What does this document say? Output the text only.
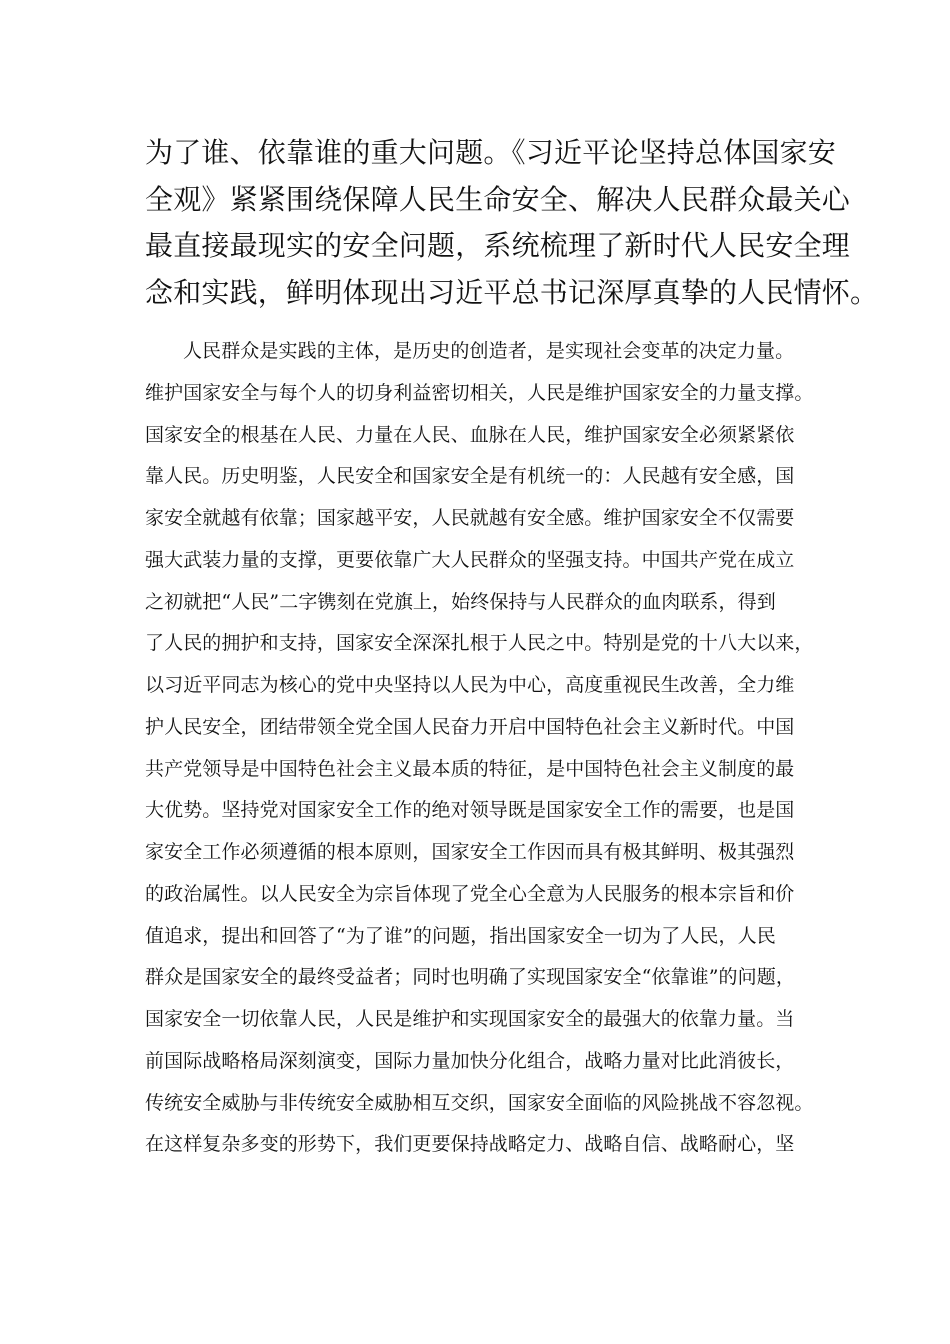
为了谁、依靠谁的重大问题。《习近平论坚持总体国家安
全观》紧紧围绕保障人民生命安全、解决人民群众最关心
最直接最现实的安全问题，系统梳理了新时代人民安全理
念和实践，鲜明体现出习近平总书记深厚真挚的人民情怀。
人民群众是实践的主体，是历史的创造者，是实现社会变革的决定力量。
维护国家安全与每个人的切身利益密切相关，人民是维护国家安全的力量支撑。
国家安全的根基在人民、力量在人民、血脉在人民，维护国家安全必须紧紧依
靠人民。历史明鉴，人民安全和国家安全是有机统一的：人民越有安全感，国
家安全就越有依靠；国家越平安，人民就越有安全感。维护国家安全不仅需要
强大武装力量的支撑，更要依靠广大人民群众的坚强支持。中国共产党在成立
之初就把“人民”二字镌刻在党旗上，始终保持与人民群众的血肉联系，得到
了人民的拥护和支持，国家安全深深扎根于人民之中。特别是党的十八大以来，
以习近平同志为核心的党中央坚持以人民为中心，高度重视民生改善，全力维
护人民安全，团结带领全党全国人民奋力开启中国特色社会主义新时代。中国
共产党领导是中国特色社会主义最本质的特征，是中国特色社会主义制度的最
大优势。坚持党对国家安全工作的绝对领导既是国家安全工作的需要，也是国
家安全工作必须遵循的根本原则，国家安全工作因而具有极其鲜明、极其强烈
的政治属性。以人民安全为宗旨体现了党全心全意为人民服务的根本宗旨和价
值追求，提出和回答了“为了谁”的问题，指出国家安全一切为了人民，人民
群众是国家安全的最终受益者；同时也明确了实现国家安全“依靠谁”的问题，
国家安全一切依靠人民，人民是维护和实现国家安全的最强大的依靠力量。当
前国际战略格局深刻演变，国际力量加快分化组合，战略力量对比此消彼长，
传统安全威胁与非传统安全威胁相互交织，国家安全面临的风险挑战不容忽视。
在这样复杂多变的形势下，我们更要保持战略定力、战略自信、战略耐心，坚
